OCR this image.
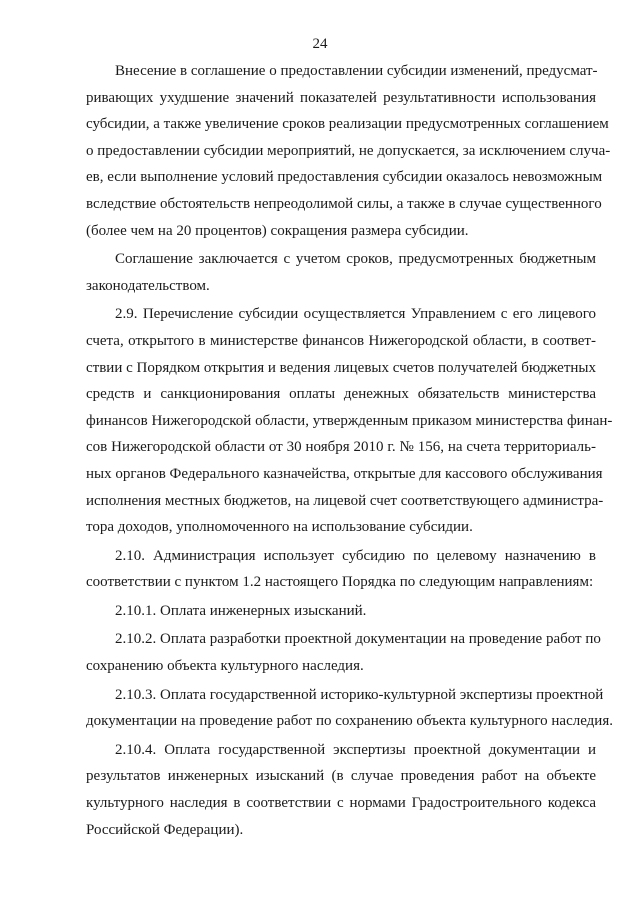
24
Внесение в соглашение о предоставлении субсидии изменений, предусмат-
ривающих ухудшение значений показателей результативности использования
субсидии, а также увеличение сроков реализации предусмотренных соглашением
о предоставлении субсидии мероприятий, не допускается, за исключением случа-
ев, если выполнение условий предоставления субсидии оказалось невозможным
вследствие обстоятельств непреодолимой силы, а также в случае существенного
(более чем на 20 процентов) сокращения размера субсидии.
Соглашение заключается с учетом сроков, предусмотренных бюджетным
законодательством.
2.9. Перечисление субсидии осуществляется Управлением с его лицевого
счета, открытого в министерстве финансов Нижегородской области, в соответ-
ствии с Порядком открытия и ведения лицевых счетов получателей бюджетных
средств и санкционирования оплаты денежных обязательств министерства
финансов Нижегородской области, утвержденным приказом министерства финан-
сов Нижегородской области от 30 ноября 2010 г. № 156, на счета территориаль-
ных органов Федерального казначейства, открытые для кассового обслуживания
исполнения местных бюджетов, на лицевой счет соответствующего администра-
тора доходов, уполномоченного на использование субсидии.
2.10. Администрация использует субсидию по целевому назначению в
соответствии с пунктом 1.2 настоящего Порядка по следующим направлениям:
2.10.1. Оплата инженерных изысканий.
2.10.2. Оплата разработки проектной документации на проведение работ по
сохранению объекта культурного наследия.
2.10.3. Оплата государственной историко-культурной экспертизы проектной
документации на проведение работ по сохранению объекта культурного наследия.
2.10.4. Оплата государственной экспертизы проектной документации и
результатов инженерных изысканий (в случае проведения работ на объекте
культурного наследия в соответствии с нормами Градостроительного кодекса
Российской Федерации).
